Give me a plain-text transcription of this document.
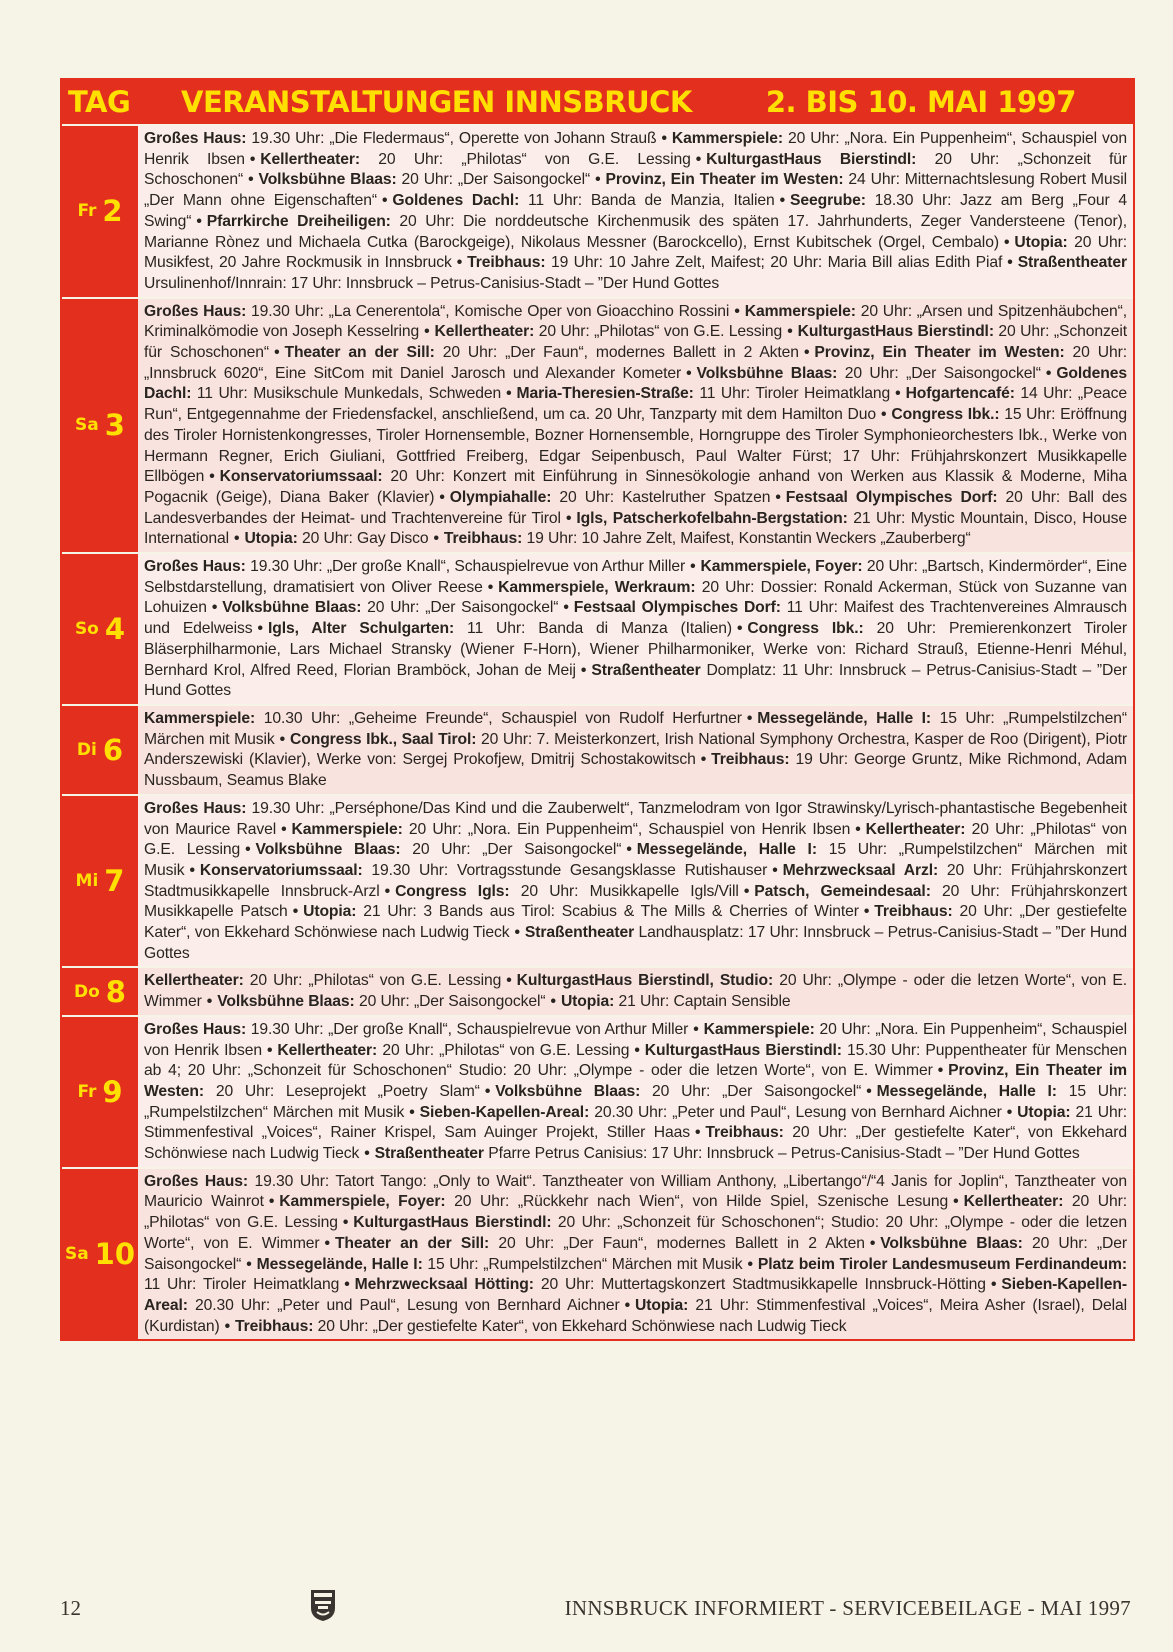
TAG VERANSTALTUNGEN INNSBRUCK	2. BIS 10. MAI 1997
Fr 2
Großes Haus: 19.30 Uhr: „Die Fledermaus“, Operette von Johann Strauß • Kammerspiele: 20 Uhr: „Nora. Ein Puppenheim“, Schauspiel von Henrik Ibsen • Kellertheater: 20 Uhr: „Philotas“ von G.E. Lessing • KulturgastHaus Bierstindl: 20 Uhr: „Schonzeit für Schoschonen“ • Volksbühne Blaas: 20 Uhr: „Der Saisongockel“ • Provinz, Ein Theater im Westen: 24 Uhr: Mitternachtslesung Robert Musil „Der Mann ohne Eigenschaften“ • Goldenes Dachl: 11 Uhr: Banda de Manzia, Italien • Seegrube: 18.30 Uhr: Jazz am Berg „Four 4 Swing“ • Pfarrkirche Dreiheiligen: 20 Uhr: Die norddeutsche Kirchenmusik des späten 17. Jahrhunderts, Zeger Vandersteene (Tenor), Marianne Rònez und Michaela Cutka (Barockgeige), Nikolaus Messner (Barockcello), Ernst Kubitschek (Orgel, Cembalo) • Utopia: 20 Uhr: Musikfest, 20 Jahre Rockmusik in Innsbruck • Treibhaus: 19 Uhr: 10 Jahre Zelt, Maifest; 20 Uhr: Maria Bill alias Edith Piaf • Straßentheater Ursulinenhof/Innrain: 17 Uhr: Innsbruck – Petrus-Canisius-Stadt – ”Der Hund Gottes
Sa 3
Großes Haus: 19.30 Uhr: „La Cenerentola“, Komische Oper von Gioacchino Rossini • Kammerspiele: 20 Uhr: „Arsen und Spitzenhäubchen“, Kriminalkömodie von Joseph Kesselring • Kellertheater: 20 Uhr: „Philotas“ von G.E. Lessing • KulturgastHaus Bierstindl: 20 Uhr: „Schonzeit für Schoschonen“ • Theater an der Sill: 20 Uhr: „Der Faun“, modernes Ballett in 2 Akten • Provinz, Ein Theater im Westen: 20 Uhr: „Innsbruck 6020“, Eine SitCom mit Daniel Jarosch und Alexander Kometer • Volksbühne Blaas: 20 Uhr: „Der Saisongockel“ • Goldenes Dachl: 11 Uhr: Musikschule Munkedals, Schweden • Maria-Theresien-Straße: 11 Uhr: Tiroler Heimatklang • Hofgartencafé: 14 Uhr: „Peace Run“, Entgegennahme der Friedensfackel, anschließend, um ca. 20 Uhr, Tanzparty mit dem Hamilton Duo • Congress Ibk.: 15 Uhr: Eröffnung des Tiroler Hornistenkongresses, Tiroler Hornensemble, Bozner Hornensemble, Horngruppe des Tiroler Symphonieorchesters Ibk., Werke von Hermann Regner, Erich Giuliani, Gottfried Freiberg, Edgar Seipenbusch, Paul Walter Fürst; 17 Uhr: Frühjahrskonzert Musikkapelle Ellbögen • Konservatoriumssaal: 20 Uhr: Konzert mit Einführung in Sinnesökologie anhand von Werken aus Klassik & Moderne, Miha Pogacnik (Geige), Diana Baker (Klavier) • Olympiahalle: 20 Uhr: Kastelruther Spatzen • Festsaal Olympisches Dorf: 20 Uhr: Ball des Landesverbandes der Heimat- und Trachtenvereine für Tirol • Igls, Patscherkofelbahn-Bergstation: 21 Uhr: Mystic Mountain, Disco, House International • Utopia: 20 Uhr: Gay Disco • Treibhaus: 19 Uhr: 10 Jahre Zelt, Maifest, Konstantin Weckers „Zauberberg“
So 4
Großes Haus: 19.30 Uhr: „Der große Knall“, Schauspielrevue von Arthur Miller • Kammerspiele, Foyer: 20 Uhr: „Bartsch, Kindermörder“, Eine Selbstdarstellung, dramatisiert von Oliver Reese • Kammerspiele, Werkraum: 20 Uhr: Dossier: Ronald Ackerman, Stück von Suzanne van Lohuizen • Volksbühne Blaas: 20 Uhr: „Der Saisongockel“ • Festsaal Olympisches Dorf: 11 Uhr: Maifest des Trachtenvereines Almrausch und Edelweiss • Igls, Alter Schulgarten: 11 Uhr: Banda di Manza (Italien) • Congress Ibk.: 20 Uhr: Premierenkonzert Tiroler Bläserphilharmonie, Lars Michael Stransky (Wiener F-Horn), Wiener Philharmoniker, Werke von: Richard Strauß, Etienne-Henri Méhul, Bernhard Krol, Alfred Reed, Florian Bramböck, Johan de Meij • Straßentheater Domplatz: 11 Uhr: Innsbruck – Petrus-Canisius-Stadt – ”Der Hund Gottes
Di 6
Kammerspiele: 10.30 Uhr: „Geheime Freunde“, Schauspiel von Rudolf Herfurtner • Messegelände, Halle I: 15 Uhr: „Rumpelstilzchen“ Märchen mit Musik • Congress Ibk., Saal Tirol: 20 Uhr: 7. Meisterkonzert, Irish National Symphony Orchestra, Kasper de Roo (Dirigent), Piotr Anderszewiski (Klavier), Werke von: Sergej Prokofjew, Dmitrij Schostakowitsch • Treibhaus: 19 Uhr: George Gruntz, Mike Richmond, Adam Nussbaum, Seamus Blake
Mi 7
Großes Haus: 19.30 Uhr: „Perséphone/Das Kind und die Zauberwelt“, Tanzmelodram von Igor Strawinsky/Lyrisch-phantastische Begebenheit von Maurice Ravel • Kammerspiele: 20 Uhr: „Nora. Ein Puppenheim“, Schauspiel von Henrik Ibsen • Kellertheater: 20 Uhr: „Philotas“ von G.E. Lessing • Volksbühne Blaas: 20 Uhr: „Der Saisongockel“ • Messegelände, Halle I: 15 Uhr: „Rumpelstilzchen“ Märchen mit Musik • Konservatoriumssaal: 19.30 Uhr: Vortragsstunde Gesangsklasse Rutishauser • Mehrzwecksaal Arzl: 20 Uhr: Frühjahrskonzert Stadtmusikkapelle Innsbruck-Arzl • Congress Igls: 20 Uhr: Musikkapelle Igls/Vill • Patsch, Gemeindesaal: 20 Uhr: Frühjahrskonzert Musikkapelle Patsch • Utopia: 21 Uhr: 3 Bands aus Tirol: Scabius & The Mills & Cherries of Winter • Treibhaus: 20 Uhr: „Der gestiefelte Kater“, von Ekkehard Schönwiese nach Ludwig Tieck • Straßentheater Landhausplatz: 17 Uhr: Innsbruck – Petrus-Canisius-Stadt – ”Der Hund Gottes
Do 8	Kellertheater: 20 Uhr: „Philotas“ von G.E. Lessing • KulturgastHaus Bierstindl, Studio: 20 Uhr: „Olympe - oder die letzen Worte“, von E. Wimmer • Volksbühne Blaas: 20 Uhr: „Der Saisongockel“ • Utopia: 21 Uhr: Captain Sensible
Fr 9
Großes Haus: 19.30 Uhr: „Der große Knall“, Schauspielrevue von Arthur Miller • Kammerspiele: 20 Uhr: „Nora. Ein Puppenheim“, Schauspiel von Henrik Ibsen • Kellertheater: 20 Uhr: „Philotas“ von G.E. Lessing • KulturgastHaus Bierstindl: 15.30 Uhr: Puppentheater für Menschen ab 4; 20 Uhr: „Schonzeit für Schoschonen“ Studio: 20 Uhr: „Olympe - oder die letzen Worte“, von E. Wimmer • Provinz, Ein Theater im Westen: 20 Uhr: Leseprojekt „Poetry Slam“ • Volksbühne Blaas: 20 Uhr: „Der Saisongockel“ • Messegelände, Halle I: 15 Uhr: „Rumpelstilzchen“ Märchen mit Musik • Sieben-Kapellen-Areal: 20.30 Uhr: „Peter und Paul“, Lesung von Bernhard Aichner • Utopia: 21 Uhr: Stimmenfestival „Voices“, Rainer Krispel, Sam Auinger Projekt, Stiller Haas • Treibhaus: 20 Uhr: „Der gestiefelte Kater“, von Ekkehard Schönwiese nach Ludwig Tieck • Straßentheater Pfarre Petrus Canisius: 17 Uhr: Innsbruck – Petrus-Canisius-Stadt – ”Der Hund Gottes
Sa 10
Großes Haus: 19.30 Uhr: Tatort Tango: „Only to Wait“. Tanztheater von William Anthony, „Libertango“/“4 Janis for Joplin“, Tanztheater von Mauricio Wainrot • Kammerspiele, Foyer: 20 Uhr: „Rückkehr nach Wien“, von Hilde Spiel, Szenische Lesung • Kellertheater: 20 Uhr: „Philotas“ von G.E. Lessing • KulturgastHaus Bierstindl: 20 Uhr: „Schonzeit für Schoschonen“; Studio: 20 Uhr: „Olympe - oder die letzen Worte“, von E. Wimmer • Theater an der Sill: 20 Uhr: „Der Faun“, modernes Ballett in 2 Akten • Volksbühne Blaas: 20 Uhr: „Der Saisongockel“ • Messegelände, Halle I: 15 Uhr: „Rumpelstilzchen“ Märchen mit Musik • Platz beim Tiroler Landesmuseum Ferdinandeum: 11 Uhr: Tiroler Heimatklang • Mehrzwecksaal Hötting: 20 Uhr: Muttertagskonzert Stadtmusikkapelle Innsbruck-Hötting • Sieben-Kapellen-Areal: 20.30 Uhr: „Peter und Paul“, Lesung von Bernhard Aichner • Utopia: 21 Uhr: Stimmenfestival „Voices“, Meira Asher (Israel), Delal (Kurdistan) • Treibhaus: 20 Uhr: „Der gestiefelte Kater“, von Ekkehard Schönwiese nach Ludwig Tieck
12	INNSBRUCK INFORMIERT - SERVICEBEILAGE - MAI 1997
